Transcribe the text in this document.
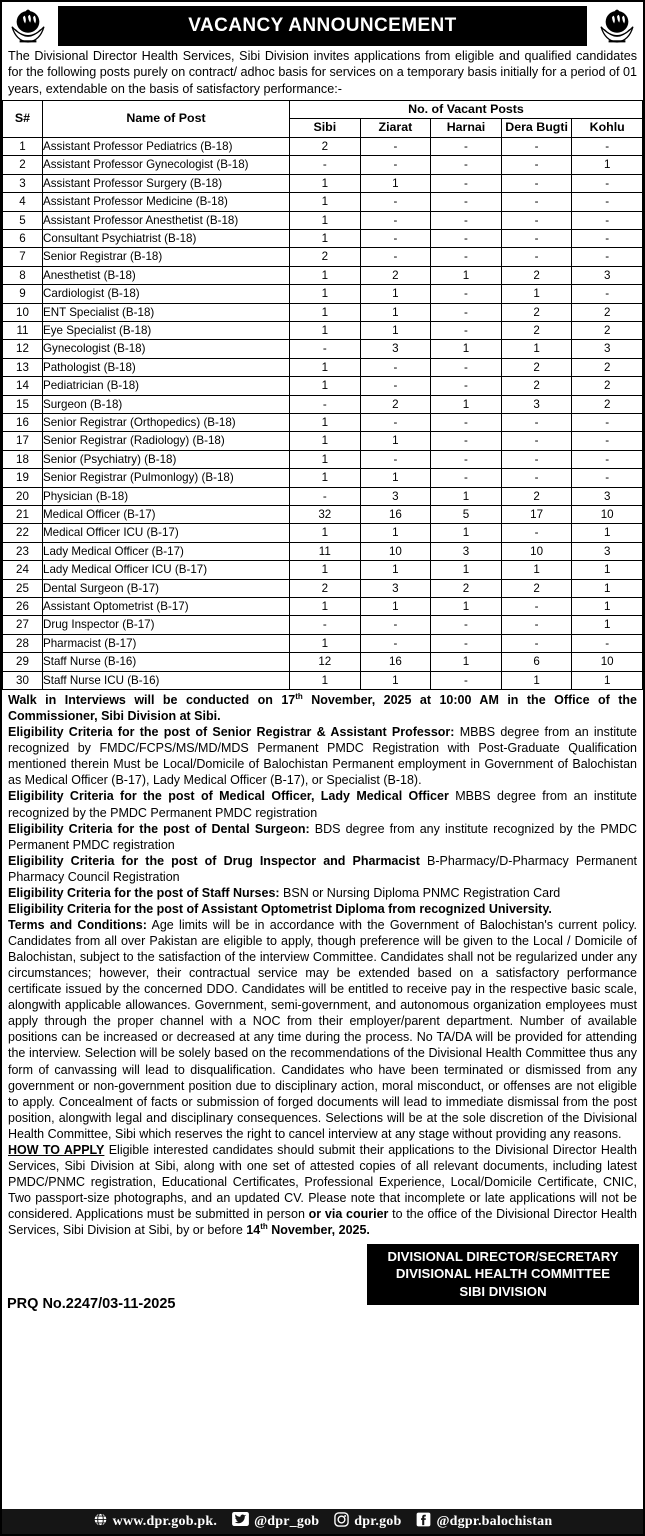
VACANCY ANNOUNCEMENT

The Divisional Director Health Services, Sibi Division invites applications from eligible and qualified candidates for the following posts purely on contract/ adhoc basis for services on a temporary basis initially for a period of 01 years, extendable on the basis of satisfactory performance:-

S#	Name of Post	No. of Vacant Posts				
		Sibi	Ziarat	Harnai	Dera Bugti	Kohlu
1	Assistant Professor Pediatrics (B-18)	2	-	-	-	-
2	Assistant Professor Gynecologist (B-18)	-	-	-	-	1
3	Assistant Professor Surgery (B-18)	1	1	-	-	-
4	Assistant Professor Medicine (B-18)	1	-	-	-	-
5	Assistant Professor Anesthetist (B-18)	1	-	-	-	-
6	Consultant Psychiatrist (B-18)	1	-	-	-	-
7	Senior Registrar (B-18)	2	-	-	-	-
8	Anesthetist (B-18)	1	2	1	2	3
9	Cardiologist (B-18)	1	1	-	1	-
10	ENT Specialist (B-18)	1	1	-	2	2
11	Eye Specialist (B-18)	1	1	-	2	2
12	Gynecologist (B-18)	-	3	1	1	3
13	Pathologist (B-18)	1	-	-	2	2
14	Pediatrician (B-18)	1	-	-	2	2
15	Surgeon (B-18)	-	2	1	3	2
16	Senior Registrar (Orthopedics) (B-18)	1	-	-	-	-
17	Senior Registrar (Radiology) (B-18)	1	1	-	-	-
18	Senior (Psychiatry) (B-18)	1	-	-	-	-
19	Senior Registrar (Pulmonlogy) (B-18)	1	1	-	-	-
20	Physician (B-18)	-	3	1	2	3
21	Medical Officer (B-17)	32	16	5	17	10
22	Medical Officer ICU (B-17)	1	1	1	-	1
23	Lady Medical Officer (B-17)	11	10	3	10	3
24	Lady Medical Officer ICU (B-17)	1	1	1	1	1
25	Dental Surgeon (B-17)	2	3	2	2	1
26	Assistant Optometrist (B-17)	1	1	1	-	1
27	Drug Inspector (B-17)	-	-	-	-	1
28	Pharmacist (B-17)	1	-	-	-	-
29	Staff Nurse (B-16)	12	16	1	6	10
30	Staff Nurse ICU (B-16)	1	1	-	1	1

Walk in Interviews will be conducted on 17th November, 2025 at 10:00 AM in the Office of the Commissioner, Sibi Division at Sibi.

Eligibility Criteria for the post of Senior Registrar & Assistant Professor: MBBS degree from an institute recognized by FMDC/FCPS/MS/MD/MDS Permanent PMDC Registration with Post-Graduate Qualification mentioned therein Must be Local/Domicile of Balochistan Permanent employment in Government of Balochistan as Medical Officer (B-17), Lady Medical Officer (B-17), or Specialist (B-18).

Eligibility Criteria for the post of Medical Officer, Lady Medical Officer MBBS degree from an institute recognized by the PMDC Permanent PMDC registration

Eligibility Criteria for the post of Dental Surgeon: BDS degree from any institute recognized by the PMDC Permanent PMDC registration

Eligibility Criteria for the post of Drug Inspector and Pharmacist B-Pharmacy/D-Pharmacy Permanent Pharmacy Council Registration

Eligibility Criteria for the post of Staff Nurses: BSN or Nursing Diploma PNMC Registration Card

Eligibility Criteria for the post of Assistant Optometrist Diploma from recognized University.

Terms and Conditions: Age limits will be in accordance with the Government of Balochistan's current policy. Candidates from all over Pakistan are eligible to apply, though preference will be given to the Local / Domicile of Balochistan, subject to the satisfaction of the interview Committee. Candidates shall not be regularized under any circumstances; however, their contractual service may be extended based on a satisfactory performance certificate issued by the concerned DDO. Candidates will be entitled to receive pay in the respective basic scale, alongwith applicable allowances. Government, semi-government, and autonomous organization employees must apply through the proper channel with a NOC from their employer/parent department. Number of available positions can be increased or decreased at any time during the process. No TA/DA will be provided for attending the interview. Selection will be solely based on the recommendations of the Divisional Health Committee thus any form of canvassing will lead to disqualification. Candidates who have been terminated or dismissed from any government or non-government position due to disciplinary action, moral misconduct, or offenses are not eligible to apply. Concealment of facts or submission of forged documents will lead to immediate dismissal from the post position, alongwith legal and disciplinary consequences. Selections will be at the sole discretion of the Divisional Health Committee, Sibi which reserves the right to cancel interview at any stage without providing any reasons.

HOW TO APPLY Eligible interested candidates should submit their applications to the Divisional Director Health Services, Sibi Division at Sibi, along with one set of attested copies of all relevant documents, including latest PMDC/PNMC registration, Educational Certificates, Professional Experience, Local/Domicile Certificate, CNIC, Two passport-size photographs, and an updated CV. Please note that incomplete or late applications will not be considered. Applications must be submitted in person or via courier to the office of the Divisional Director Health Services, Sibi Division at Sibi, by or before 14th November, 2025.

DIVISIONAL DIRECTOR/SECRETARY
DIVISIONAL HEALTH COMMITTEE
SIBI DIVISION
PRQ No.2247/03-11-2025
www.dpr.gob.pk.	@dpr_gob	dpr.gob	@dgpr.balochistan
